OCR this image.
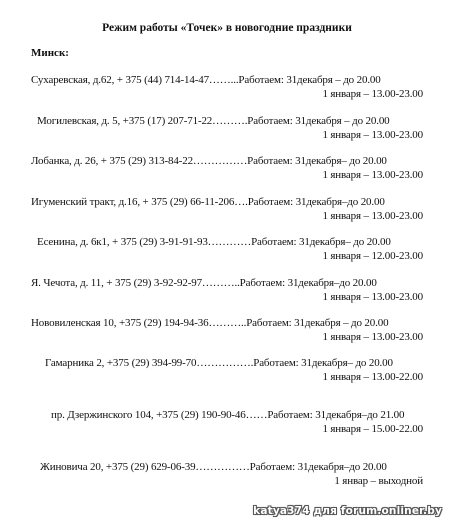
Режим работы «Точек» в новогодние праздники
Минск:
Сухаревская, д.62, + 375 (44) 714-14-47……...Работаем: 31декабря – до 20.00
1 января – 13.00-23.00
Могилевская, д. 5, +375 (17) 207-71-22……….Работаем: 31декабря – до 20.00
1 января – 13.00-23.00
Лобанка, д. 26, + 375 (29) 313-84-22……………Работаем: 31декабря– до 20.00
1 января – 13.00-23.00
Игуменский тракт, д.16, + 375 (29) 66-11-206….Работаем: 31декабря–до 20.00
1 января – 13.00-23.00
Есенина, д. 6к1, + 375 (29) 3-91-91-93…………Работаем: 31декабря– до 20.00
1 января – 12.00-23.00
Я. Чечота, д. 11, + 375 (29) 3-92-92-97………..Работаем: 31декабря–до 20.00
1 января – 13.00-23.00
Нововиленская 10, +375 (29) 194-94-36………..Работаем: 31декабря – до 20.00
1 января – 13.00-23.00
Гамарника 2, +375 (29) 394-99-70…………….Работаем: 31декабря– до 20.00
1 января – 13.00-22.00
пр. Дзержинского 104, +375 (29) 190-90-46……Работаем: 31декабря–до 21.00
1 января – 15.00-22.00
Жиновича 20, +375 (29) 629-06-39……………Работаем: 31декабря–до 20.00
1 январ – выходной
katya374 для forum.onliner.by
